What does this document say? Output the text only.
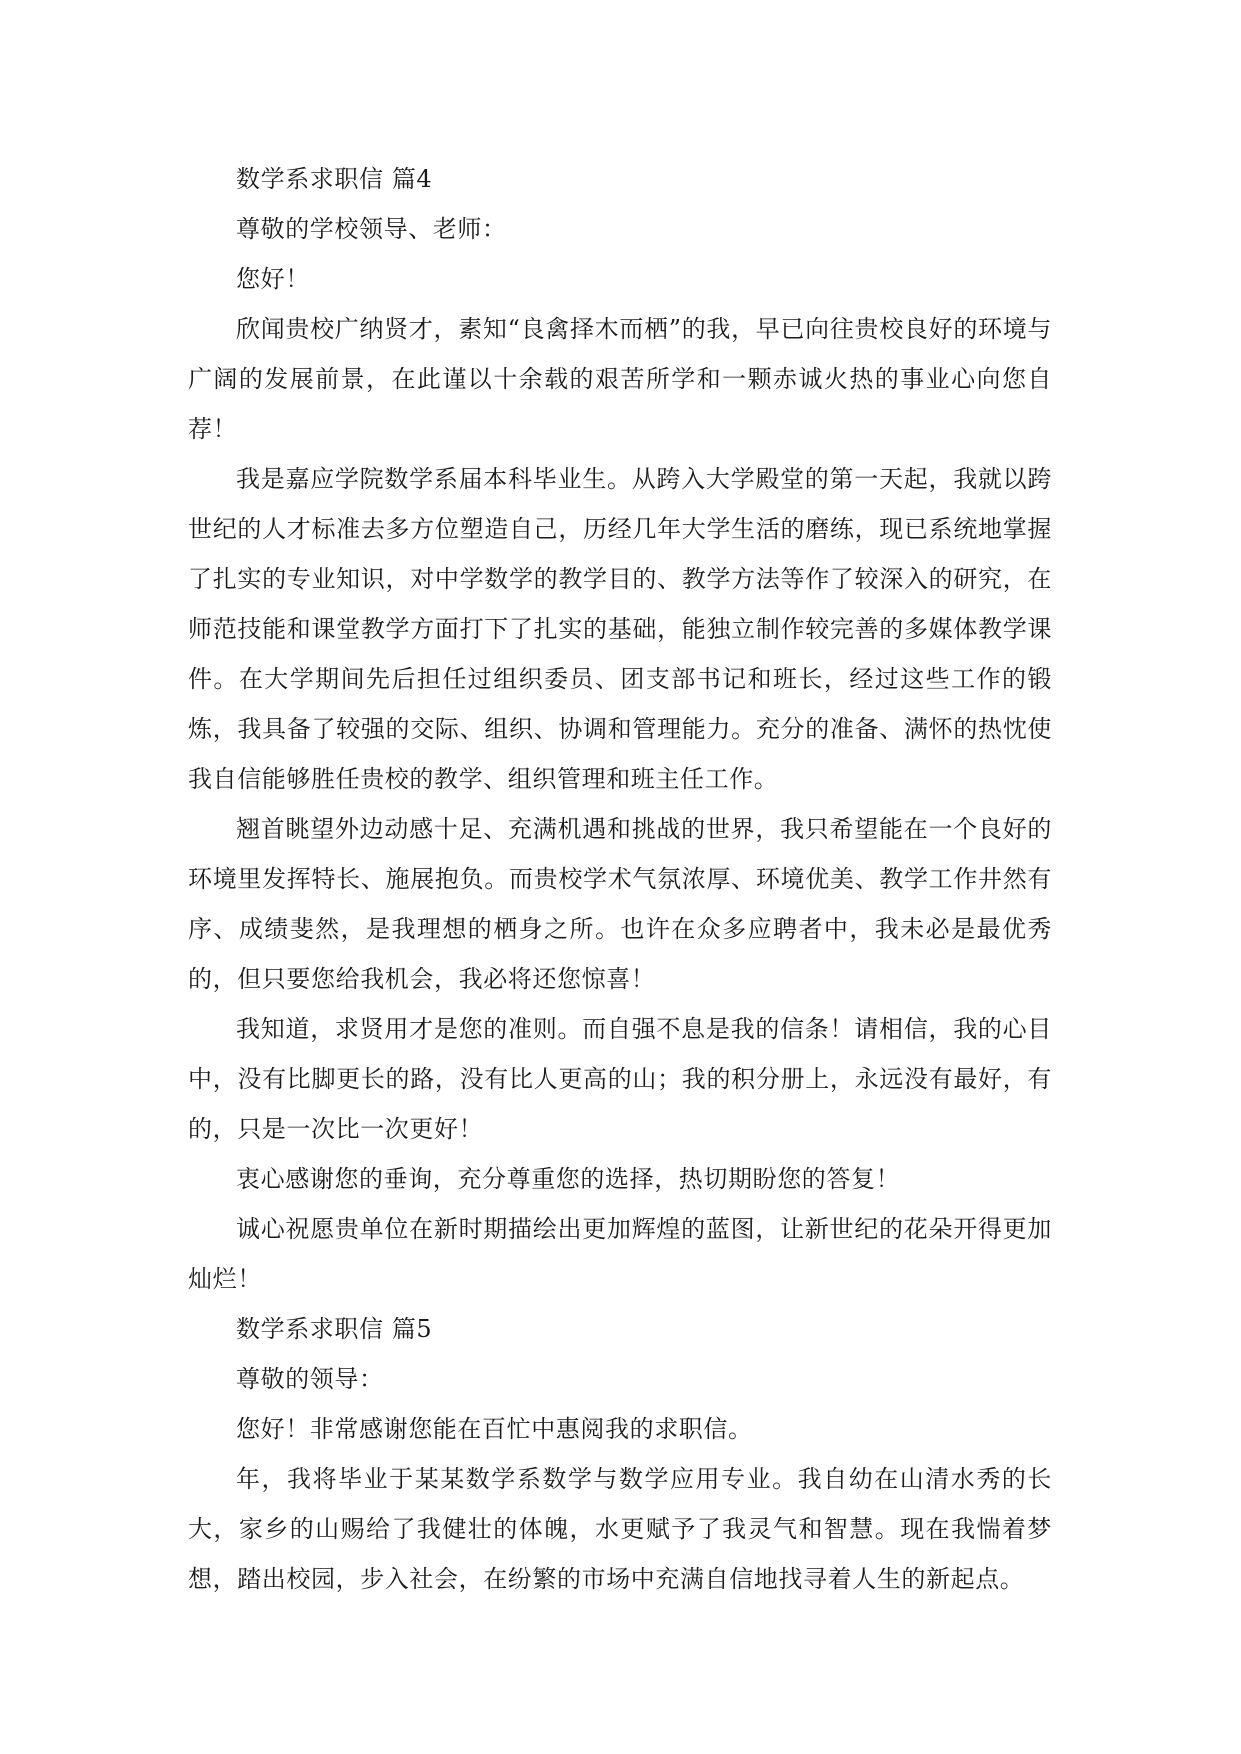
数学系求职信 篇4

尊敬的学校领导、老师：

您好！

欣闻贵校广纳贤才，素知“良禽择木而栖”的我，早已向往贵校良好的环境与广阔的发展前景，在此谨以十余载的艰苦所学和一颗赤诚火热的事业心向您自荐！

我是嘉应学院数学系届本科毕业生。从跨入大学殿堂的第一天起，我就以跨世纪的人才标准去多方位塑造自己，历经几年大学生活的磨练，现已系统地掌握了扎实的专业知识，对中学数学的教学目的、教学方法等作了较深入的研究，在师范技能和课堂教学方面打下了扎实的基础，能独立制作较完善的多媒体教学课件。在大学期间先后担任过组织委员、团支部书记和班长，经过这些工作的锻炼，我具备了较强的交际、组织、协调和管理能力。充分的准备、满怀的热忱使我自信能够胜任贵校的教学、组织管理和班主任工作。

翘首眺望外边动感十足、充满机遇和挑战的世界，我只希望能在一个良好的环境里发挥特长、施展抱负。而贵校学术气氛浓厚、环境优美、教学工作井然有序、成绩斐然，是我理想的栖身之所。也许在众多应聘者中，我未必是最优秀的，但只要您给我机会，我必将还您惊喜！

我知道，求贤用才是您的准则。而自强不息是我的信条！请相信，我的心目中，没有比脚更长的路，没有比人更高的山；我的积分册上，永远没有最好，有的，只是一次比一次更好！

衷心感谢您的垂询，充分尊重您的选择，热切期盼您的答复！

诚心祝愿贵单位在新时期描绘出更加辉煌的蓝图，让新世纪的花朵开得更加灿烂！

数学系求职信 篇5

尊敬的领导：

您好！非常感谢您能在百忙中惠阅我的求职信。

年，我将毕业于某某数学系数学与数学应用专业。我自幼在山清水秀的长大，家乡的山赐给了我健壮的体魄，水更赋予了我灵气和智慧。现在我惴着梦想，踏出校园，步入社会，在纷繁的市场中充满自信地找寻着人生的新起点。
